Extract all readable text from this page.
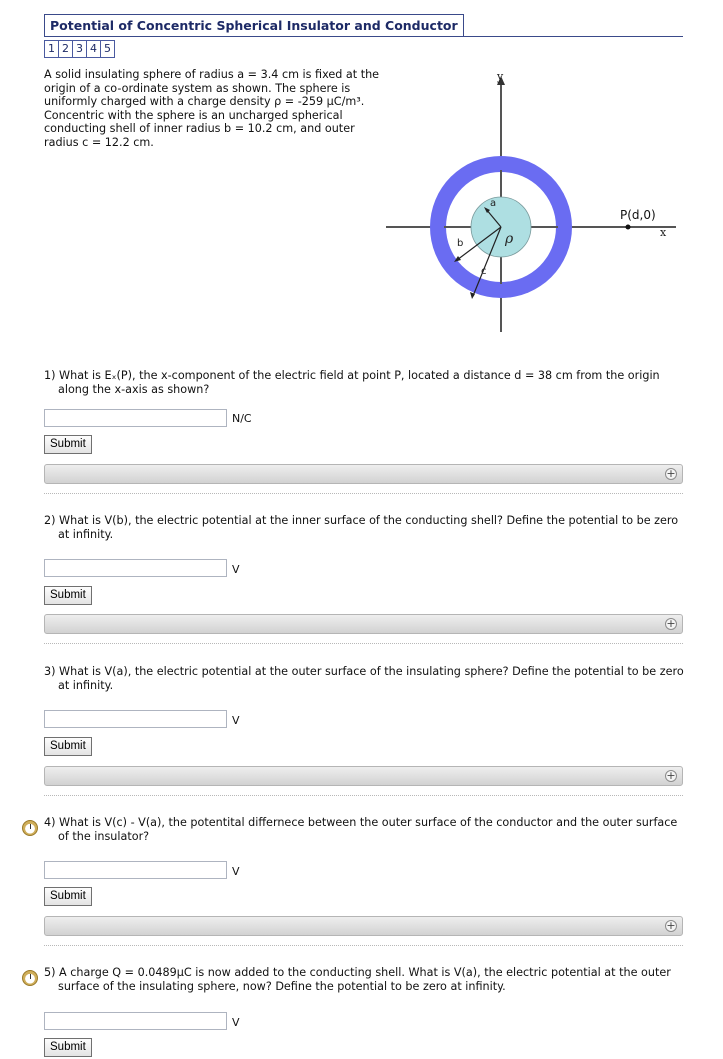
Potential of Concentric Spherical Insulator and Conductor
1 2 3 4 5
A solid insulating sphere of radius a = 3.4 cm is fixed at the origin of a co-ordinate system as shown. The sphere is uniformly charged with a charge density ρ = -259 μC/m³. Concentric with the sphere is an uncharged spherical conducting shell of inner radius b = 10.2 cm, and outer radius c = 12.2 cm.
y
x
a
b
c
ρ
P(d,0)
1) What is Eₓ(P), the x-component of the electric field at point P, located a distance d = 38 cm from the origin along the x-axis as shown?
N/C
Submit
+
2) What is V(b), the electric potential at the inner surface of the conducting shell? Define the potential to be zero at infinity.
V
Submit
+
3) What is V(a), the electric potential at the outer surface of the insulating sphere? Define the potential to be zero at infinity.
V
Submit
+
4) What is V(c) - V(a), the potentital differnece between the outer surface of the conductor and the outer surface of the insulator?
V
Submit
+
5) A charge Q = 0.0489μC is now added to the conducting shell. What is V(a), the electric potential at the outer surface of the insulating sphere, now? Define the potential to be zero at infinity.
V
Submit
